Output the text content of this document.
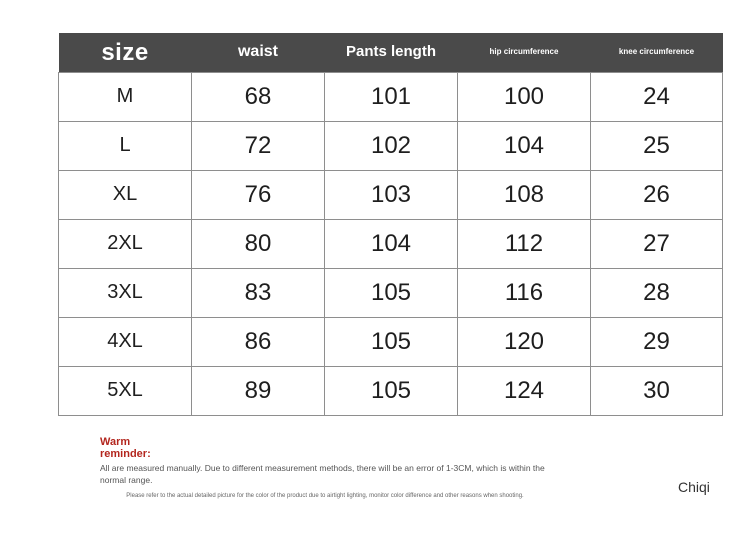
size	waist	Pants length	hip circumference	knee circumference
M	68	101	100	24
L	72	102	104	25
XL	76	103	108	26
2XL	80	104	112	27
3XL	83	105	116	28
4XL	86	105	120	29
5XL	89	105	124	30
Warm reminder:
All are measured manually. Due to different measurement methods, there will be an error of 1-3CM, which is within the normal range.
Please refer to the actual detailed picture for the color of the product due to airtight lighting, monitor color difference and other reasons when shooting.
Chiqi
